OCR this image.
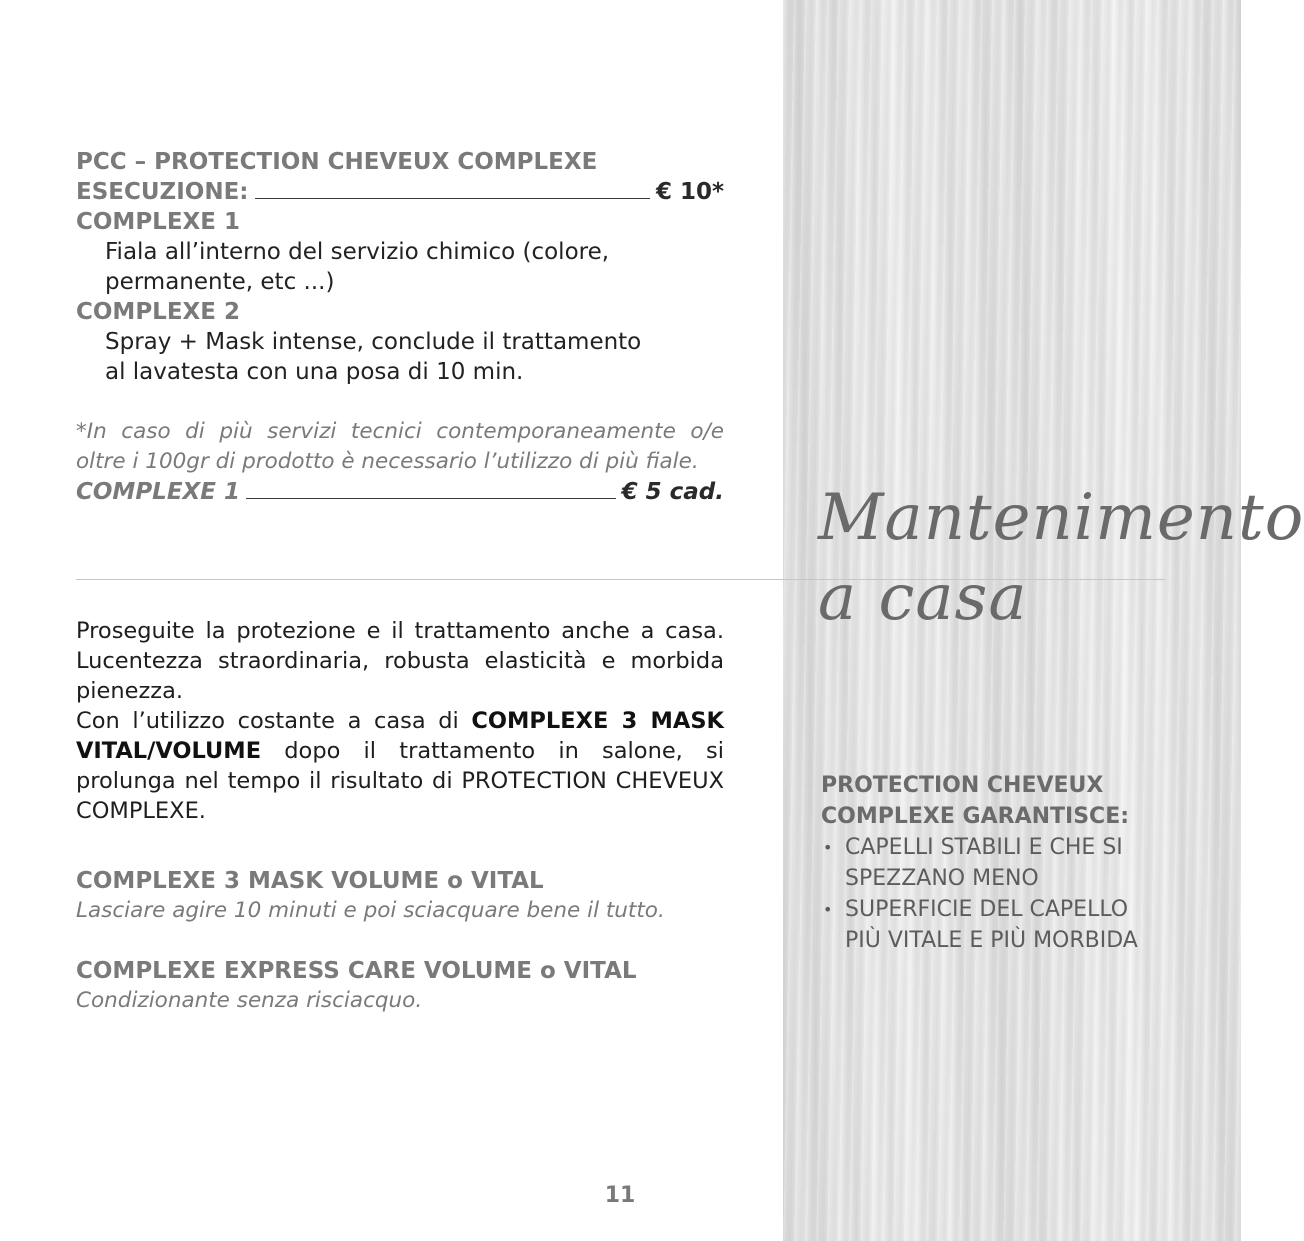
PCC – PROTECTION CHEVEUX COMPLEXE
ESECUZIONE:	€ 10*
COMPLEXE 1
Fiala all’interno del servizio chimico (colore,
permanente, etc ...)
COMPLEXE 2
Spray + Mask intense, conclude il trattamento
al lavatesta con una posa di 10 min.
*In caso di più servizi tecnici contemporaneamente o/e oltre i 100gr di prodotto è necessario l’utilizzo di più fiale.
COMPLEXE 1	€ 5 cad.
Proseguite la protezione e il trattamento anche a casa. Lucentezza straordinaria, robusta elasticità e morbida pienezza.
Con l’utilizzo costante a casa di COMPLEXE 3 MASK VITAL/VOLUME dopo il trattamento in salone, si prolunga nel tempo il risultato di PROTECTION CHEVEUX COMPLEXE.
COMPLEXE 3 MASK VOLUME o VITAL
Lasciare agire 10 minuti e poi sciacquare bene il tutto.
COMPLEXE EXPRESS CARE VOLUME o VITAL
Condizionante senza risciacquo.
Mantenimento
a casa
PROTECTION CHEVEUX
COMPLEXE GARANTISCE:
• CAPELLI STABILI E CHE SI
SPEZZANO MENO
• SUPERFICIE DEL CAPELLO
PIÙ VITALE E PIÙ MORBIDA
11
